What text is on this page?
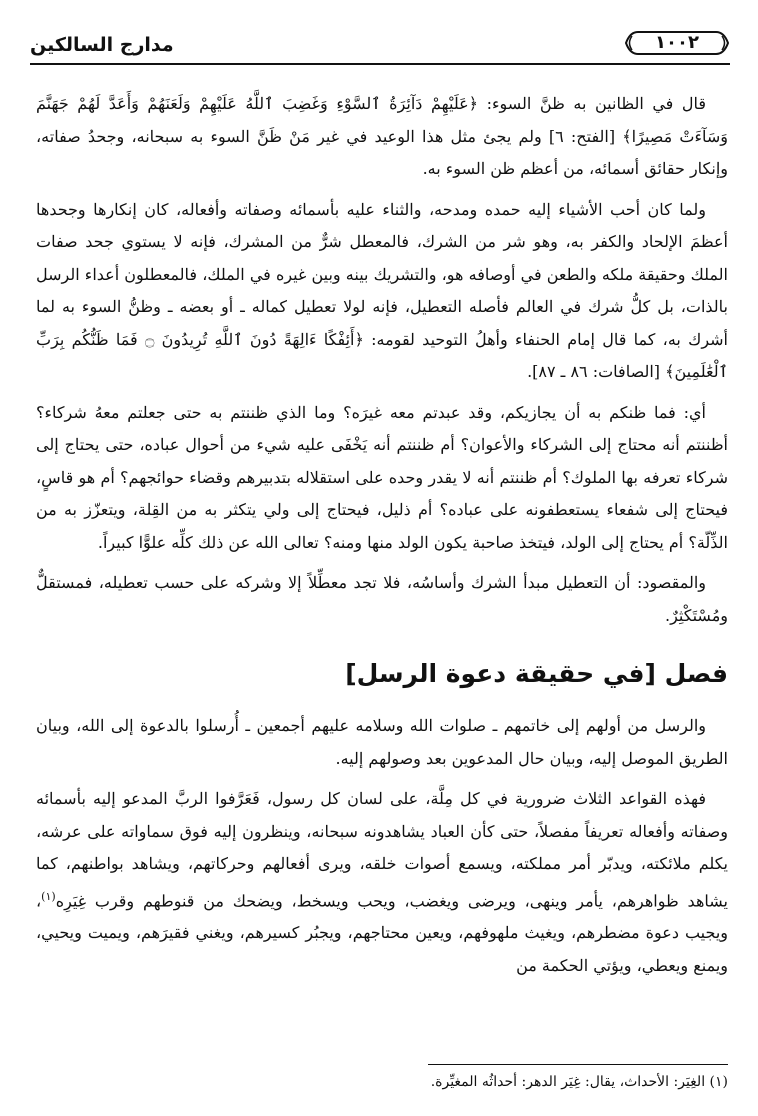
مدارج السالكين	١٠٠٢

قال في الظانين به ظنَّ السوء: ﴿عَلَيْهِمْ دَآئِرَةُ ٱلسَّوْءِ وَغَضِبَ ٱللَّهُ عَلَيْهِمْ وَلَعَنَهُمْ وَأَعَدَّ لَهُمْ جَهَنَّمَ وَسَآءَتْ مَصِيرًا﴾ [الفتح: ٦] ولم يجئ مثل هذا الوعيد في غير مَنْ ظَنَّ السوء به سبحانه، وجحدُ صفاته، وإنكار حقائق أسمائه، من أعظم ظن السوء به.

ولما كان أحب الأشياء إليه حمده ومدحه، والثناء عليه بأسمائه وصفاته وأفعاله، كان إنكارها وجحدها أعظمَ الإلحاد والكفر به، وهو شر من الشرك، فالمعطل شرٌّ من المشرك، فإنه لا يستوي جحد صفات الملك وحقيقة ملكه والطعن في أوصافه هو، والتشريك بينه وبين غيره في الملك، فالمعطلون أعداء الرسل بالذات، بل كلُّ شرك في العالم فأصله التعطيل، فإنه لولا تعطيل كماله ـ أو بعضه ـ وظنُّ السوء به لما أشرك به، كما قال إمام الحنفاء وأهلُ التوحيد لقومه: ﴿أَئِفْكًا ءَالِهَةً دُونَ ٱللَّهِ تُرِيدُونَ ۝ فَمَا ظَنُّكُم بِرَبِّ ٱلْعَٰلَمِينَ﴾ [الصافات: ٨٦ ـ ٨٧].

أي: فما ظنكم به أن يجازيكم، وقد عبدتم معه غيرَه؟ وما الذي ظننتم به حتى جعلتم معهُ شركاء؟ أظننتم أنه محتاج إلى الشركاء والأعوان؟ أم ظننتم أنه يَخْفَى عليه شيء من أحوال عباده، حتى يحتاج إلى شركاء تعرفه بها الملوك؟ أم ظننتم أنه لا يقدر وحده على استقلاله بتدبيرهم وقضاء حوائجهم؟ أم هو قاسٍ، فيحتاج إلى شفعاء يستعطفونه على عباده؟ أم ذليل، فيحتاج إلى ولي يتكثر به من القِلة، ويتعزّز به من الذِّلّة؟ أم يحتاج إلى الولد، فيتخذ صاحبة يكون الولد منها ومنه؟ تعالى الله عن ذلك كلِّه علوًّا كبيراً.

والمقصود: أن التعطيل مبدأ الشرك وأساسُه، فلا تجد معطِّلاً إلا وشركه على حسب تعطيله، فمستقلٌّ ومُسْتَكْثِرٌ.

فصل [في حقيقة دعوة الرسل]

والرسل من أولهم إلى خاتمهم ـ صلوات الله وسلامه عليهم أجمعين ـ أُرسلوا بالدعوة إلى الله، وبيان الطريق الموصل إليه، وبيان حال المدعوين بعد وصولهم إليه.

فهذه القواعد الثلاث ضرورية في كل مِلَّة، على لسان كل رسول، فَعَرَّفوا الربَّ المدعو إليه بأسمائه وصفاته وأفعاله تعريفاً مفصلاً، حتى كأن العباد يشاهدونه سبحانه، وينظرون إليه فوق سماواته على عرشه، يكلم ملائكته، ويدبّر أمر مملكته، ويسمع أصوات خلقه، ويرى أفعالهم وحركاتهم، ويشاهد بواطنهم، كما يشاهد ظواهرهم، يأمر وينهى، ويرضى ويغضب، ويحب ويسخط، ويضحك من قنوطهم وقرب غِيَرِه$^{(١)}$، ويجيب دعوة مضطرهم، ويغيث ملهوفهم، ويعين محتاجهم، ويجبُر كسيرهم، ويغني فقيرَهم، ويميت ويحيي، ويمنع ويعطي، ويؤتي الحكمة من

(١) الغِيَر: الأحداث، يقال: غِيَر الدهر: أحداثُه المغيِّرة.
